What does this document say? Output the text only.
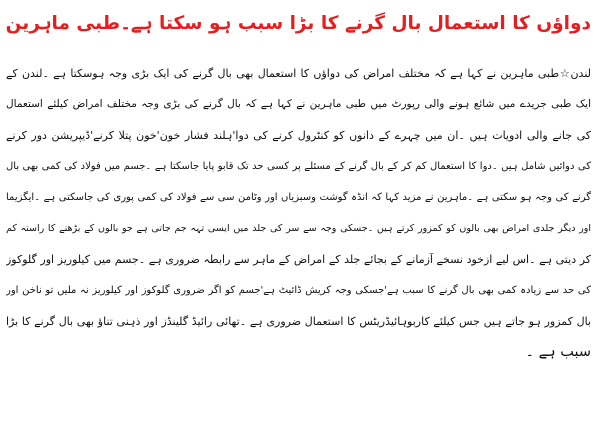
دواؤں کا استعمال بال گرنے کا بڑا سبب ہو سکتا ہے۔طبی ماہرین
لندن☆طبی ماہرین نے کہا ہے کہ مختلف امراض کی دواؤں کا استعمال بھی بال گرنے کی ایک بڑی وجہ ہوسکتا ہے ۔لندن کے
ایک طبی جریدے میں شائع ہونے والی رپورٹ میں طبی ماہرین نے کہا ہے کہ بال گرنے کی بڑی وجہ مختلف امراض کیلئے استعمال
کی جانے والی ادویات ہیں ۔ان میں چہرے کے دانوں کو کنٹرول کرنے کی دوا'ہلند فشار خون'خون پتلا کرنے'ڈیپریشن دور کرنے
کی دوائیں شامل ہیں ۔دوا کا استعمال کم کر کے بال گرنے کے مسئلے پر کسی حد تک قابو پایا جاسکتا ہے ۔جسم میں فولاد کی کمی بھی بال
گرنے کی وجہ ہو سکتی ہے ۔ماہرین نے مزید کہا کہ انڈہ گوشت وسبزیاں اور وٹامن سی سے فولاد کی کمی پوری کی جاسکتی ہے ۔ایگزیما
اور دیگر جلدی امراض بھی بالوں کو کمزور کرتے ہیں ۔جسکی وجہ سے سر کی جلد میں ایسی تہہ جم جاتی ہے جو بالوں کے بڑھنے کا راستہ کم
کر دیتی ہے ۔اس لیے ازخود نسخے آزمانے کے بجائے جلد کے امراض کے ماہر سے رابطہ ضروری ہے ۔جسم میں کیلوریز اور گلوکوز
کی حد سے زیادہ کمی بھی بال گرنے کا سبب ہے'جسکی وجہ کریش ڈائیٹ ہے'جسم کو اگر ضروری گلوکوز اور کیلوریز نہ ملیں تو ناخن اور
بال کمزور ہو جاتے ہیں جس کیلئے کاربوہائیڈریٹس کا استعمال ضروری ہے ۔تھائی رائیڈ گلینڈز اور ذہنی تناؤ بھی بال گرنے کا بڑا
سبب ہے ۔
